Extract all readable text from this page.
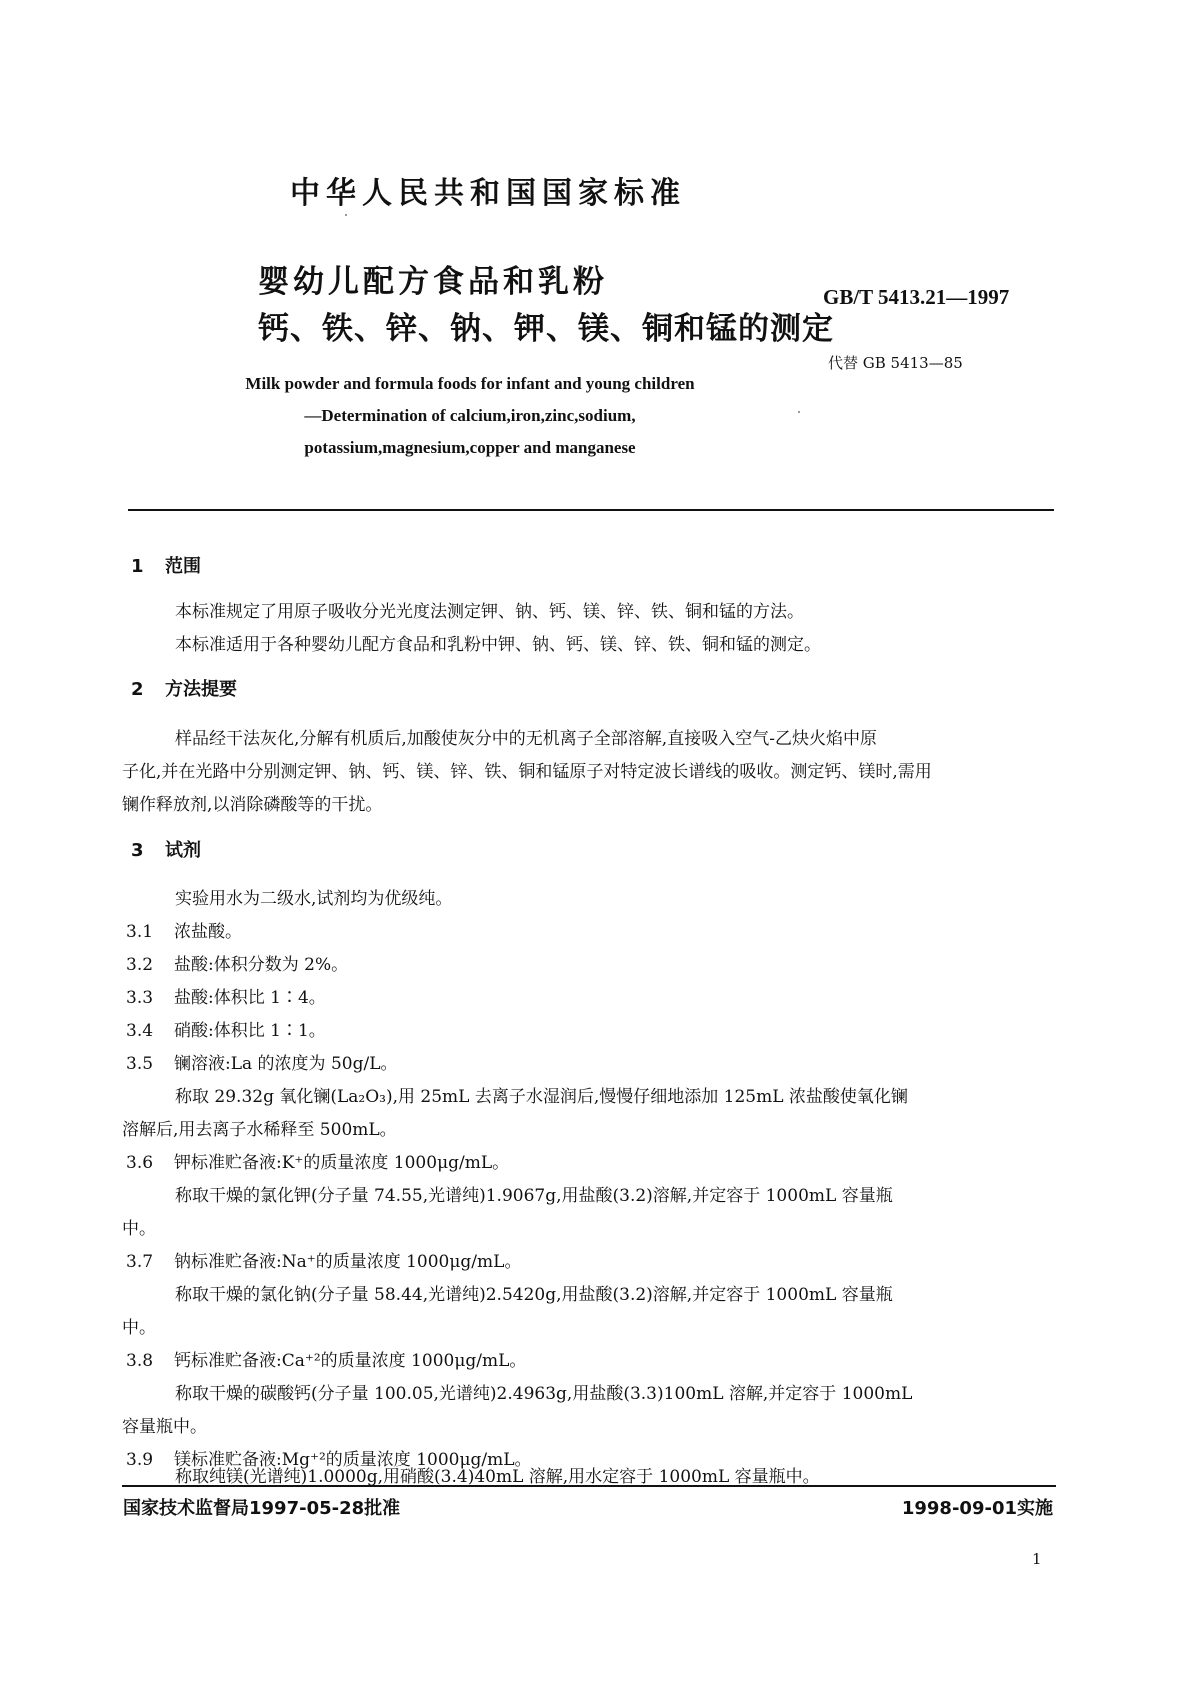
中华人民共和国国家标准
婴幼儿配方食品和乳粉
钙、铁、锌、钠、钾、镁、铜和锰的测定
GB/T 5413.21—1997
代替 GB 5413—85
Milk powder and formula foods for infant and young children
—Determination of calcium,iron,zinc,sodium,
potassium,magnesium,copper and manganese
1 范围
本标准规定了用原子吸收分光光度法测定钾、钠、钙、镁、锌、铁、铜和锰的方法。
本标准适用于各种婴幼儿配方食品和乳粉中钾、钠、钙、镁、锌、铁、铜和锰的测定。
2 方法提要
样品经干法灰化,分解有机质后,加酸使灰分中的无机离子全部溶解,直接吸入空气-乙炔火焰中原
子化,并在光路中分别测定钾、钠、钙、镁、锌、铁、铜和锰原子对特定波长谱线的吸收。测定钙、镁时,需用
镧作释放剂,以消除磷酸等的干扰。
3 试剂
实验用水为二级水,试剂均为优级纯。
3.1 浓盐酸。
3.2 盐酸:体积分数为 2%。
3.3 盐酸:体积比 1∶4。
3.4 硝酸:体积比 1∶1。
3.5 镧溶液:La 的浓度为 50g/L。
称取 29.32g 氧化镧(La₂O₃),用 25mL 去离子水湿润后,慢慢仔细地添加 125mL 浓盐酸使氧化镧
溶解后,用去离子水稀释至 500mL。
3.6 钾标准贮备液:K⁺的质量浓度 1000μg/mL。
称取干燥的氯化钾(分子量 74.55,光谱纯)1.9067g,用盐酸(3.2)溶解,并定容于 1000mL 容量瓶
中。
3.7 钠标准贮备液:Na⁺的质量浓度 1000μg/mL。
称取干燥的氯化钠(分子量 58.44,光谱纯)2.5420g,用盐酸(3.2)溶解,并定容于 1000mL 容量瓶
中。
3.8 钙标准贮备液:Ca⁺²的质量浓度 1000μg/mL。
称取干燥的碳酸钙(分子量 100.05,光谱纯)2.4963g,用盐酸(3.3)100mL 溶解,并定容于 1000mL
容量瓶中。
3.9 镁标准贮备液:Mg⁺²的质量浓度 1000μg/mL。
称取纯镁(光谱纯)1.0000g,用硝酸(3.4)40mL 溶解,用水定容于 1000mL 容量瓶中。
国家技术监督局1997-05-28批准	1998-09-01实施
1
